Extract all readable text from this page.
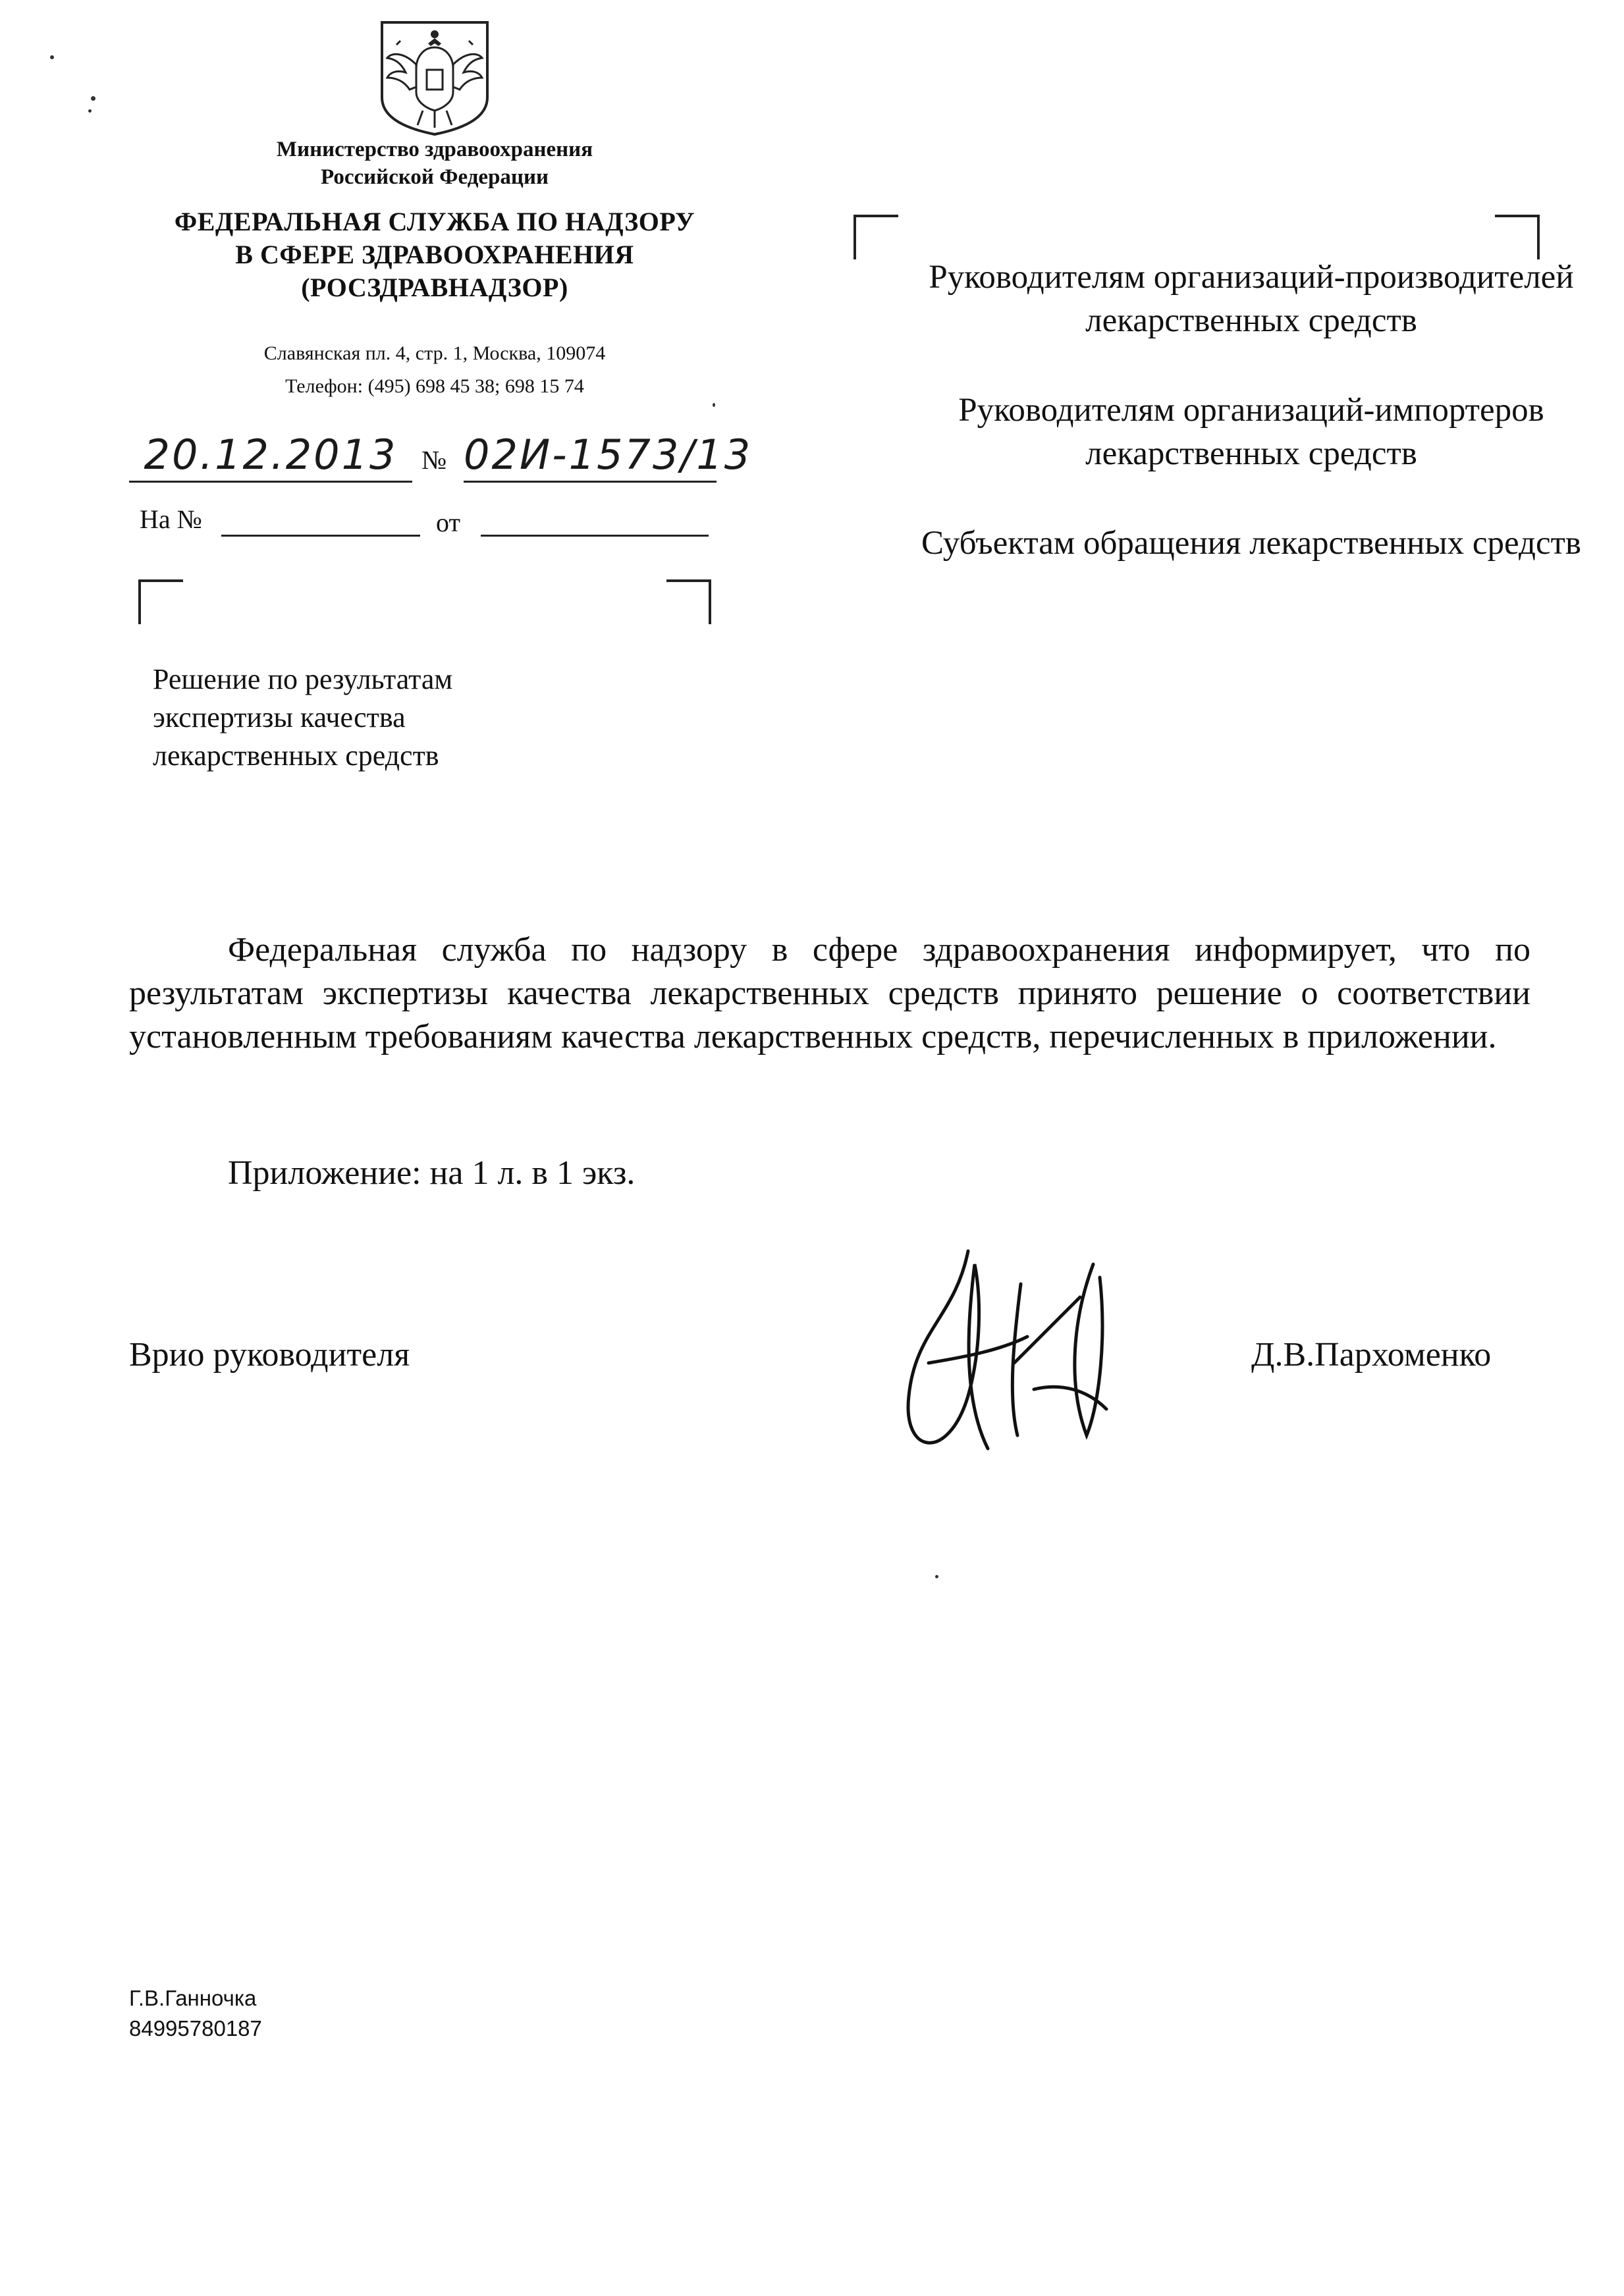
Министерство здравоохранения
Российской Федерации
ФЕДЕРАЛЬНАЯ СЛУЖБА ПО НАДЗОРУ
В СФЕРЕ ЗДРАВООХРАНЕНИЯ
(РОСЗДРАВНАДЗОР)
Славянская пл. 4, стр. 1, Москва, 109074
Телефон: (495) 698 45 38; 698 15 74
20.12.2013 № 02И-1573/13
На №	от
Решение по результатам
экспертизы качества
лекарственных средств

Руководителям организаций-производителей лекарственных средств

Руководителям организаций-импортеров лекарственных средств

Субъектам обращения лекарственных средств

Федеральная служба по надзору в сфере здравоохранения информирует, что по результатам экспертизы качества лекарственных средств принято решение о соответствии установленным требованиям качества лекарственных средств, перечисленных в приложении.

Приложение: на 1 л. в 1 экз.
Врио руководителя	Д.В.Пархоменко
Г.В.Ганночка
84995780187
